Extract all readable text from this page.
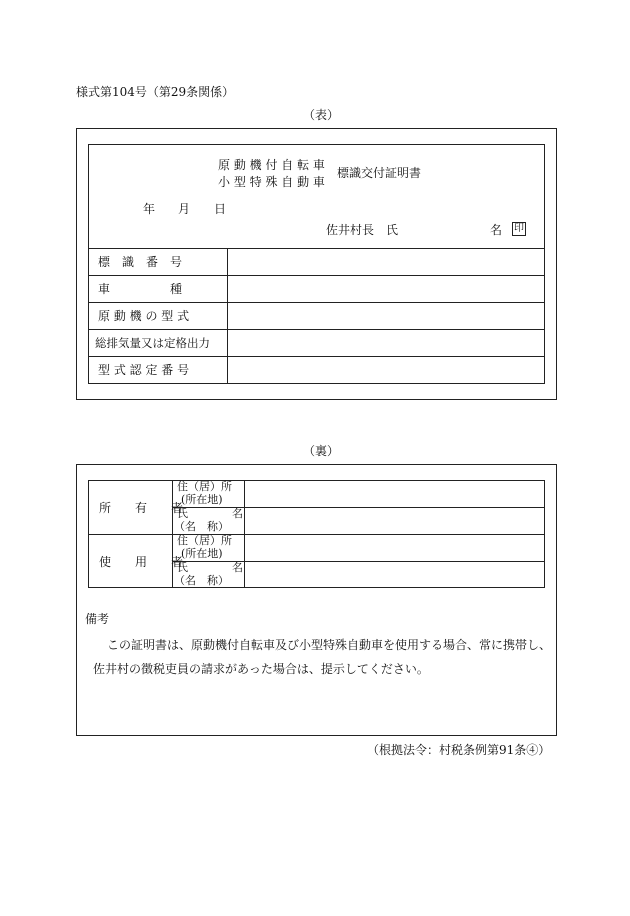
様式第104号（第29条関係）
（表）
原 動 機 付 自 転 車
小 型 特 殊 自 動 車
標識交付証明書
年 月 日
佐井村長　氏	名 印
標　識　番　号
車　　　　　種
原 動 機 の 型 式
総排気量又は定格出力
型 式 認 定 番 号
（裏）
所　　有　　者
使　　用　　者
住（居）所
(所在地)
氏　　　　名
（名　称）
住（居）所
(所在地)
氏　　　　名
（名　称）
備考
この証明書は、原動機付自転車及び小型特殊自動車を使用する場合、常に携帯し、
佐井村の徴税吏員の請求があった場合は、提示してください。
（根拠法令：村税条例第91条④）
